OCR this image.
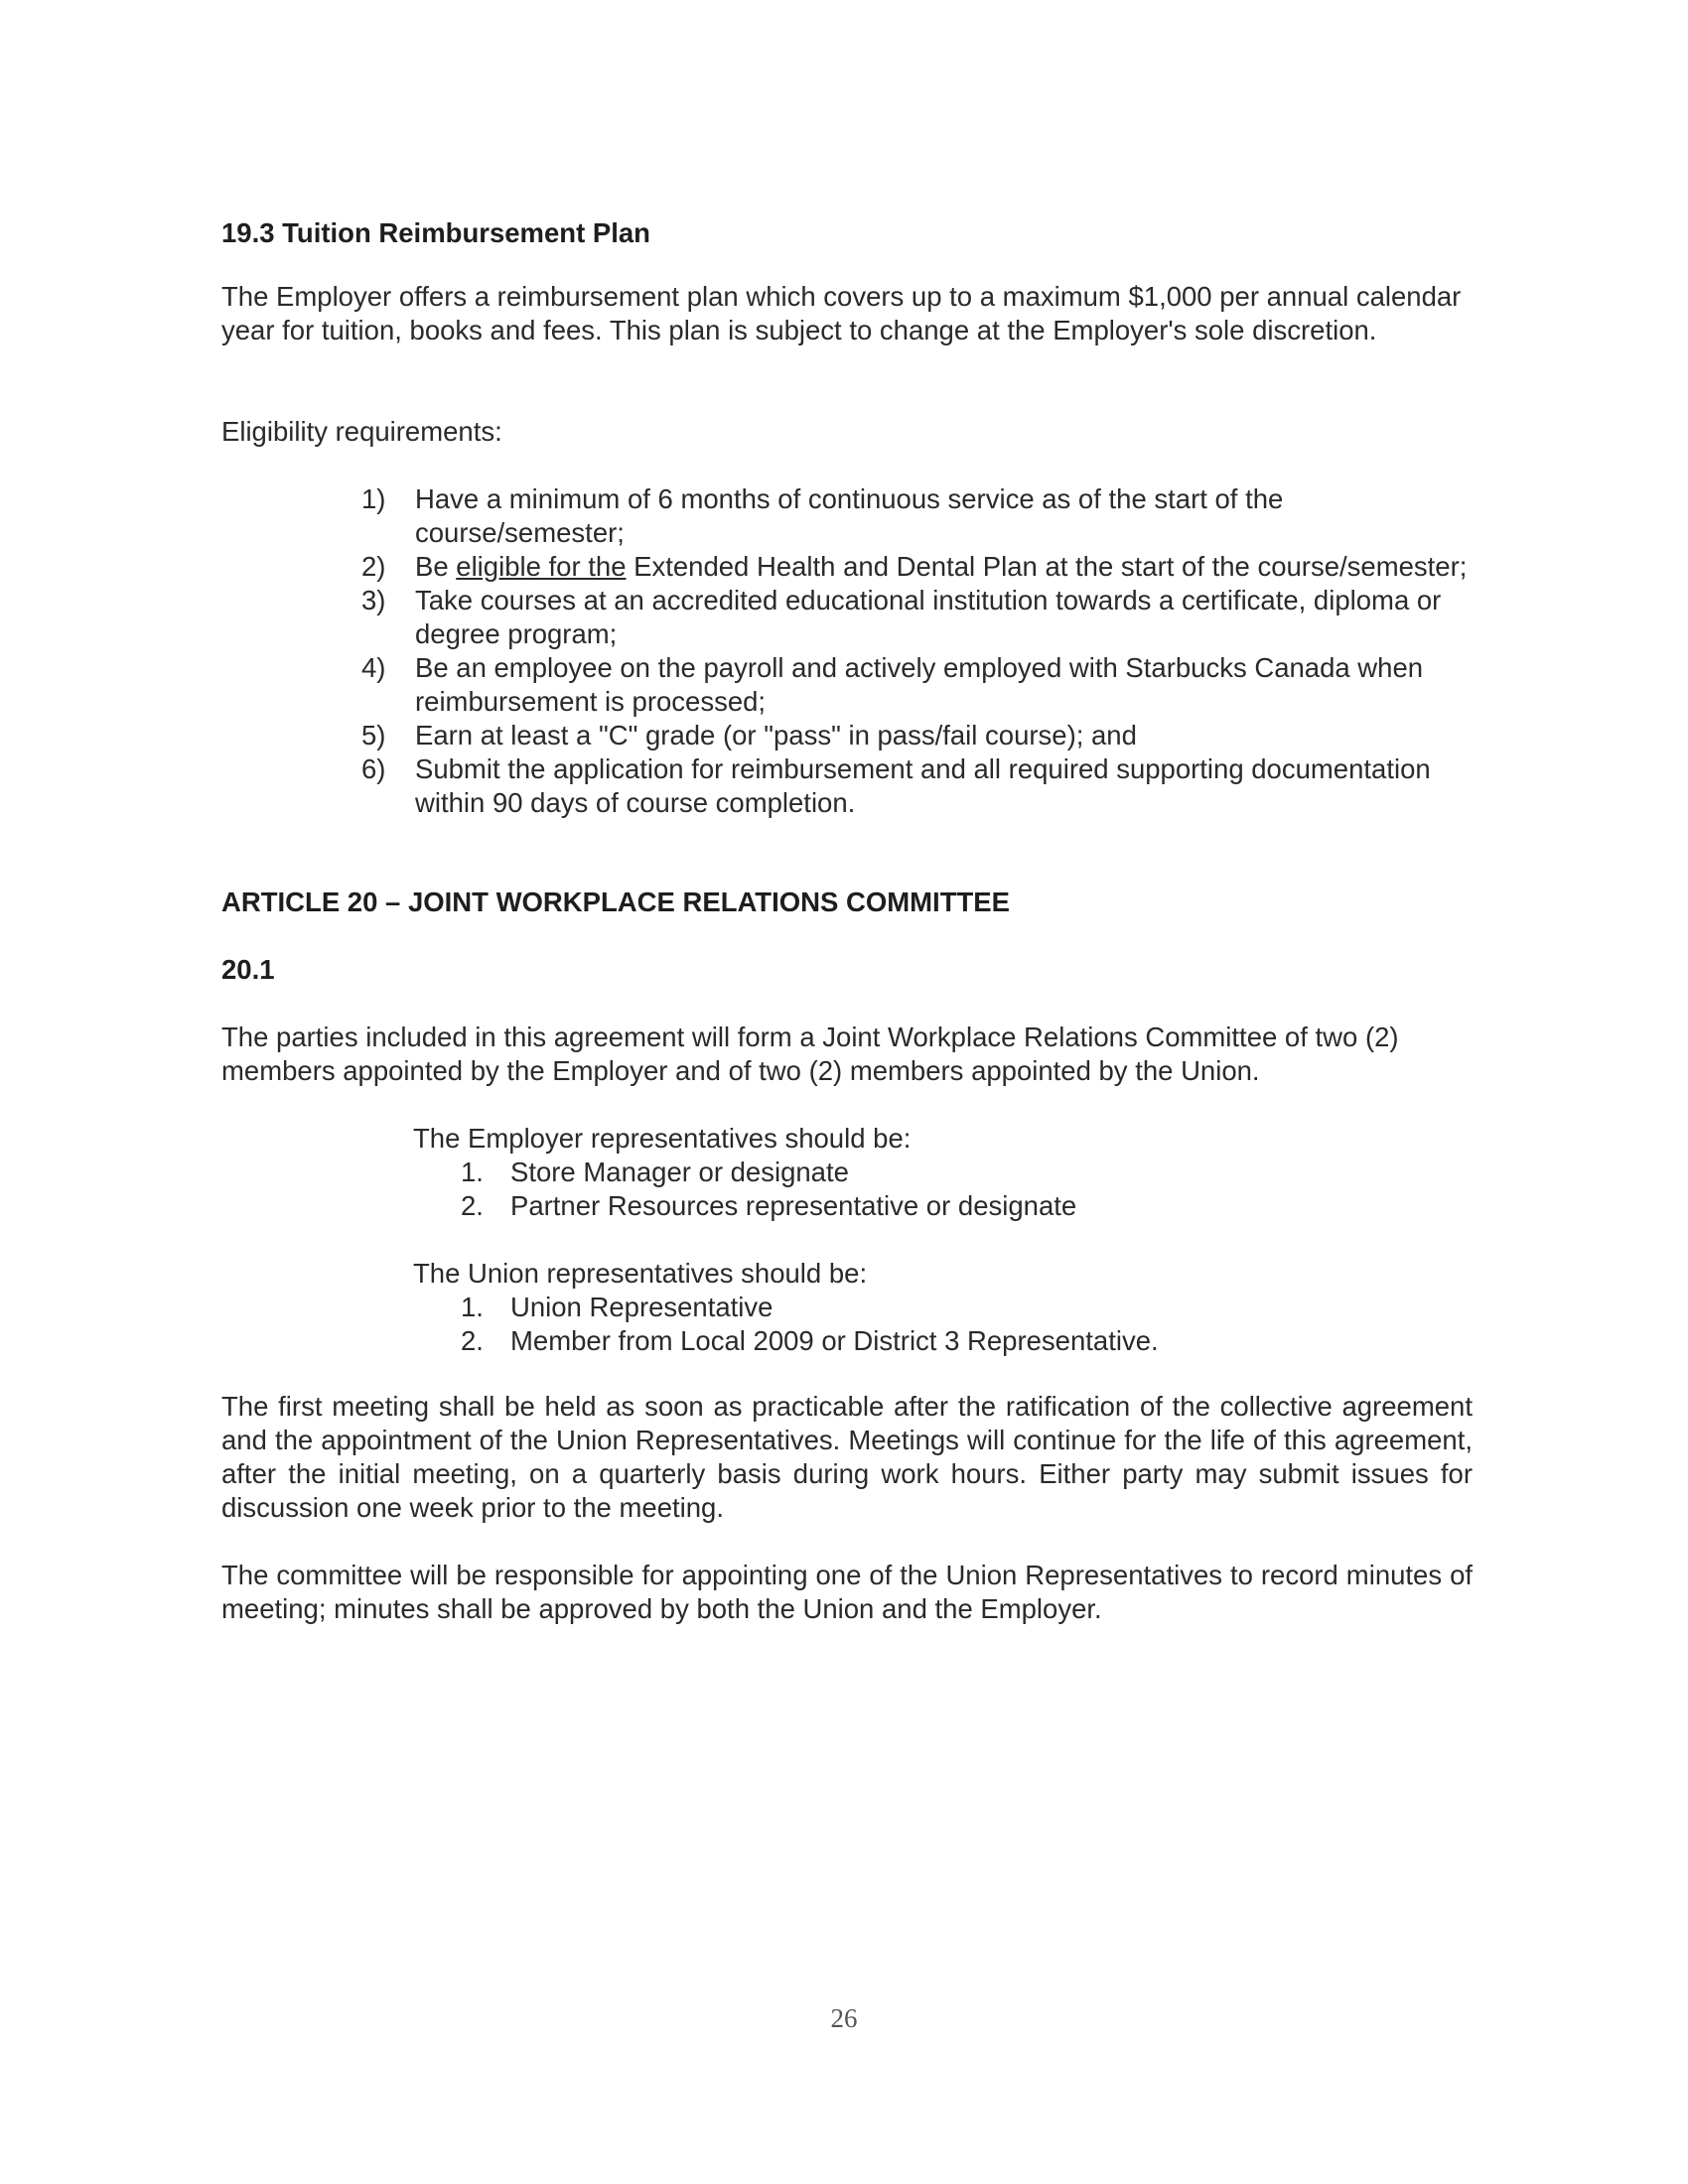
19.3 Tuition Reimbursement Plan
The Employer offers a reimbursement plan which covers up to a maximum $1,000 per annual calendar year for tuition, books and fees. This plan is subject to change at the Employer's sole discretion.
Eligibility requirements:
1)	Have a minimum of 6 months of continuous service as of the start of the course/semester;
2)	Be eligible for the Extended Health and Dental Plan at the start of the course/semester;
3)	Take courses at an accredited educational institution towards a certificate, diploma or degree program;
4)	Be an employee on the payroll and actively employed with Starbucks Canada when reimbursement is processed;
5)	Earn at least a "C" grade (or "pass" in pass/fail course); and
6)	Submit the application for reimbursement and all required supporting documentation within 90 days of course completion.
ARTICLE 20 – JOINT WORKPLACE RELATIONS COMMITTEE
20.1
The parties included in this agreement will form a Joint Workplace Relations Committee of two (2) members appointed by the Employer and of two (2) members appointed by the Union.
The Employer representatives should be:
1. Store Manager or designate
2. Partner Resources representative or designate
The Union representatives should be:
1. Union Representative
2. Member from Local 2009 or District 3 Representative.
The first meeting shall be held as soon as practicable after the ratification of the collective agreement and the appointment of the Union Representatives. Meetings will continue for the life of this agreement, after the initial meeting, on a quarterly basis during work hours. Either party may submit issues for discussion one week prior to the meeting.
The committee will be responsible for appointing one of the Union Representatives to record minutes of meeting; minutes shall be approved by both the Union and the Employer.
26
